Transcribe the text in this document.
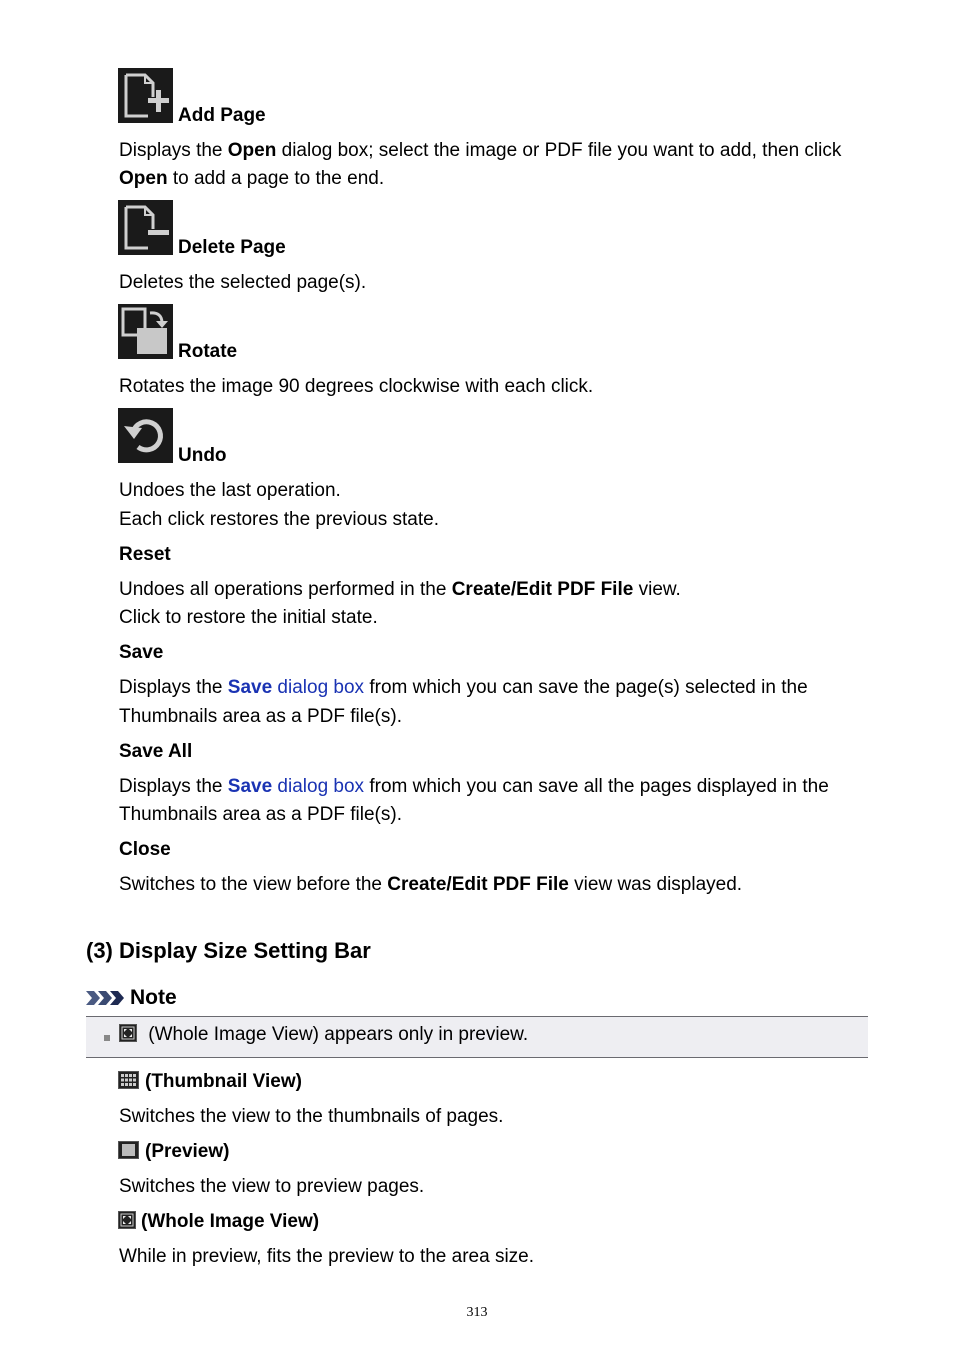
Add Page
Displays the Open dialog box; select the image or PDF file you want to add, then click
Open to add a page to the end.
Delete Page
Deletes the selected page(s).
Rotate
Rotates the image 90 degrees clockwise with each click.
Undo
Undoes the last operation.
Each click restores the previous state.
Reset
Undoes all operations performed in the Create/Edit PDF File view.
Click to restore the initial state.
Save
Displays the Save dialog box from which you can save the page(s) selected in the
Thumbnails area as a PDF file(s).
Save All
Displays the Save dialog box from which you can save all the pages displayed in the
Thumbnails area as a PDF file(s).
Close
Switches to the view before the Create/Edit PDF File view was displayed.
(3) Display Size Setting Bar
Note
(Whole Image View) appears only in preview.
(Thumbnail View)
Switches the view to the thumbnails of pages.
(Preview)
Switches the view to preview pages.
(Whole Image View)
While in preview, fits the preview to the area size.
313
